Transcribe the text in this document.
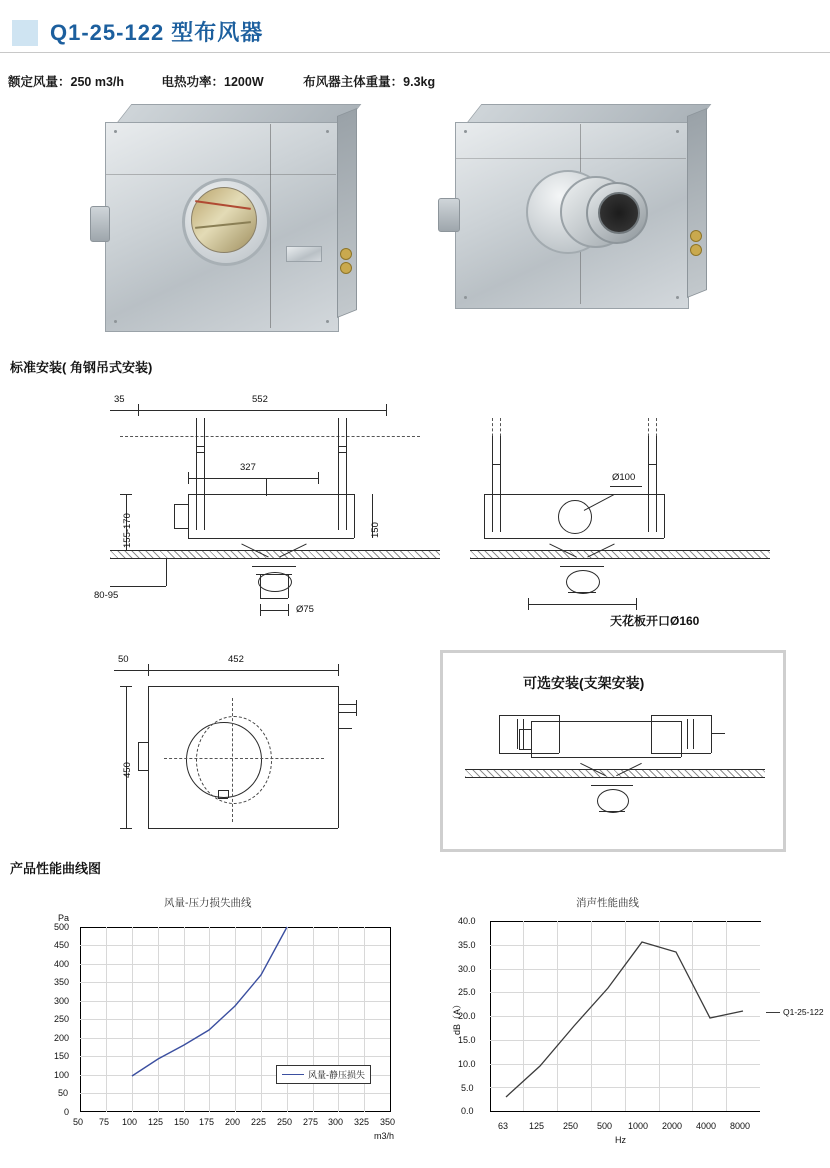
Q1-25-122 型布风器
额定风量：250 m3/h	电热功率：1200W	布风器主体重量：9.3kg
标准安装( 角钢吊式安装)
552
35
327
150
Ø75
155-170
80-95
Ø100
天花板开口Ø160
452
50
450
可选安装(支架安装)
产品性能曲线图
风量-压力损失曲线
Pa
500
450
400
350
300
250
200
150
100
50
0
50 75 100 125 150 175 200 225 250 275 300 325 350
m3/h
风量-静压损失
消声性能曲线
40.0
35.0
30.0
25.0
20.0
15.0
10.0
5.0
0.0
dB（A）
63 125 250 500 1000 2000 4000 8000
Hz
Q1-25-122
